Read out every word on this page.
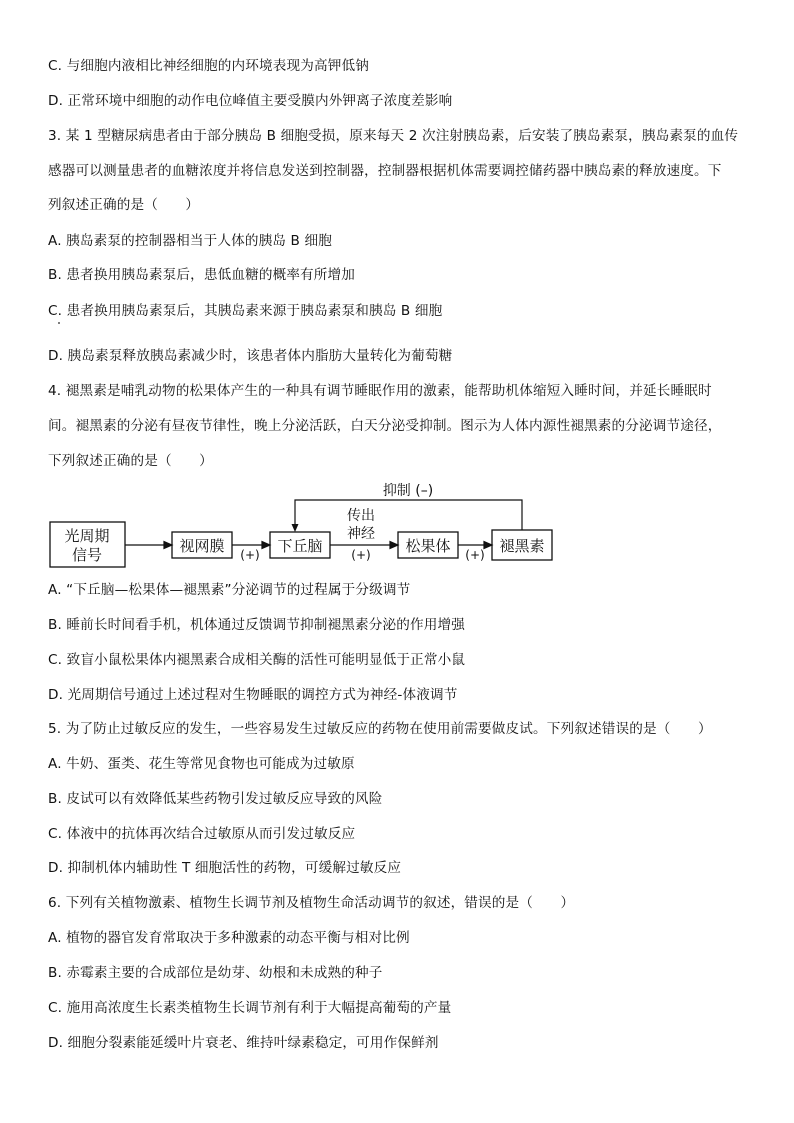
C. 与细胞内液相比神经细胞的内环境表现为高钾低钠
D. 正常环境中细胞的动作电位峰值主要受膜内外钾离子浓度差影响
3. 某 1 型糖尿病患者由于部分胰岛 B 细胞受损，原来每天 2 次注射胰岛素，后安装了胰岛素泵，胰岛素泵的血传
感器可以测量患者的血糖浓度并将信息发送到控制器，控制器根据机体需要调控储药器中胰岛素的释放速度。下
列叙述正确的是（　　）
A. 胰岛素泵的控制器相当于人体的胰岛 B 细胞
B. 患者换用胰岛素泵后，患低血糖的概率有所增加
C. 患者换用胰岛素泵后，其胰岛素来源于胰岛素泵和胰岛 B 细胞
D. 胰岛素泵释放胰岛素减少时，该患者体内脂肪大量转化为葡萄糖
4. 褪黑素是哺乳动物的松果体产生的一种具有调节睡眠作用的激素，能帮助机体缩短入睡时间，并延长睡眠时
间。褪黑素的分泌有昼夜节律性，晚上分泌活跃，白天分泌受抑制。图示为人体内源性褪黑素的分泌调节途径，
下列叙述正确的是（　　）
光周期
信号	视网膜	下丘脑	松果体	褪黑素
抑制 (–)
传出
神经
(+)	(+)	(+)
A. “下丘脑—松果体—褪黑素”分泌调节的过程属于分级调节
B. 睡前长时间看手机，机体通过反馈调节抑制褪黑素分泌的作用增强
C. 致盲小鼠松果体内褪黑素合成相关酶的活性可能明显低于正常小鼠
D. 光周期信号通过上述过程对生物睡眠的调控方式为神经-体液调节
5. 为了防止过敏反应的发生，一些容易发生过敏反应的药物在使用前需要做皮试。下列叙述错误的是（　　）
A. 牛奶、蛋类、花生等常见食物也可能成为过敏原
B. 皮试可以有效降低某些药物引发过敏反应导致的风险
C. 体液中的抗体再次结合过敏原从而引发过敏反应
D. 抑制机体内辅助性 T 细胞活性的药物，可缓解过敏反应
6. 下列有关植物激素、植物生长调节剂及植物生命活动调节的叙述，错误的是（　　）
A. 植物的器官发育常取决于多种激素的动态平衡与相对比例
B. 赤霉素主要的合成部位是幼芽、幼根和未成熟的种子
C. 施用高浓度生长素类植物生长调节剂有利于大幅提高葡萄的产量
D. 细胞分裂素能延缓叶片衰老、维持叶绿素稳定，可用作保鲜剂
